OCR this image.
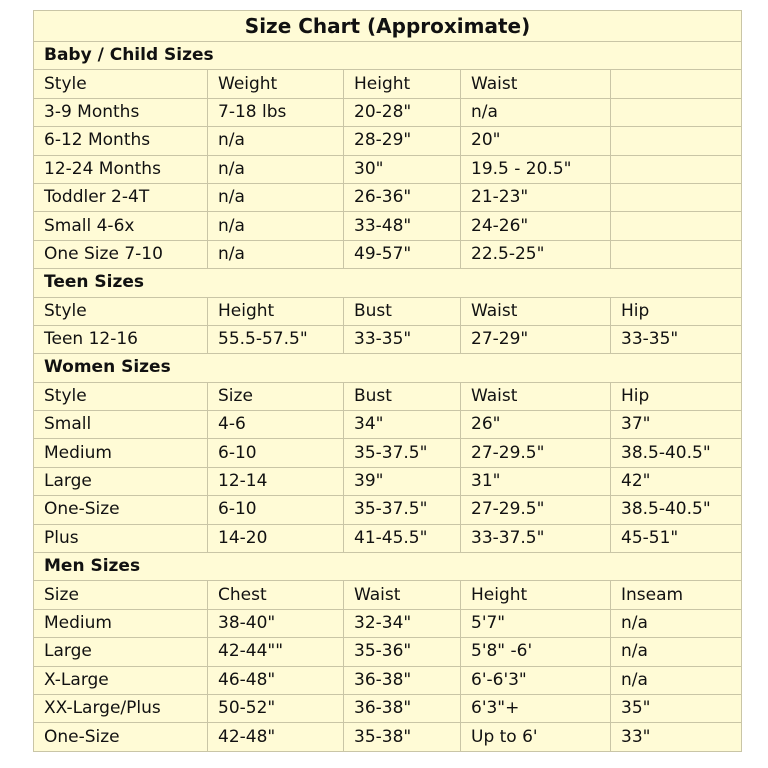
Size Chart (Approximate)				
Baby / Child Sizes				
Style	Weight	Height	Waist	
3-9 Months	7-18 lbs	20-28"	n/a	
6-12 Months	n/a	28-29"	20"	
12-24 Months	n/a	30"	19.5 - 20.5"	
Toddler 2-4T	n/a	26-36"	21-23"	
Small 4-6x	n/a	33-48"	24-26"	
One Size 7-10	n/a	49-57"	22.5-25"	
Teen Sizes				
Style	Height	Bust	Waist	Hip
Teen 12-16	55.5-57.5"	33-35"	27-29"	33-35"
Women Sizes				
Style	Size	Bust	Waist	Hip
Small	4-6	34"	26"	37"
Medium	6-10	35-37.5"	27-29.5"	38.5-40.5"
Large	12-14	39"	31"	42"
One-Size	6-10	35-37.5"	27-29.5"	38.5-40.5"
Plus	14-20	41-45.5"	33-37.5"	45-51"
Men Sizes				
Size	Chest	Waist	Height	Inseam
Medium	38-40"	32-34"	5'7"	n/a
Large	42-44""	35-36"	5'8" -6'	n/a
X-Large	46-48"	36-38"	6'-6'3"	n/a
XX-Large/Plus	50-52"	36-38"	6'3"+	35"
One-Size	42-48"	35-38"	Up to 6'	33"
